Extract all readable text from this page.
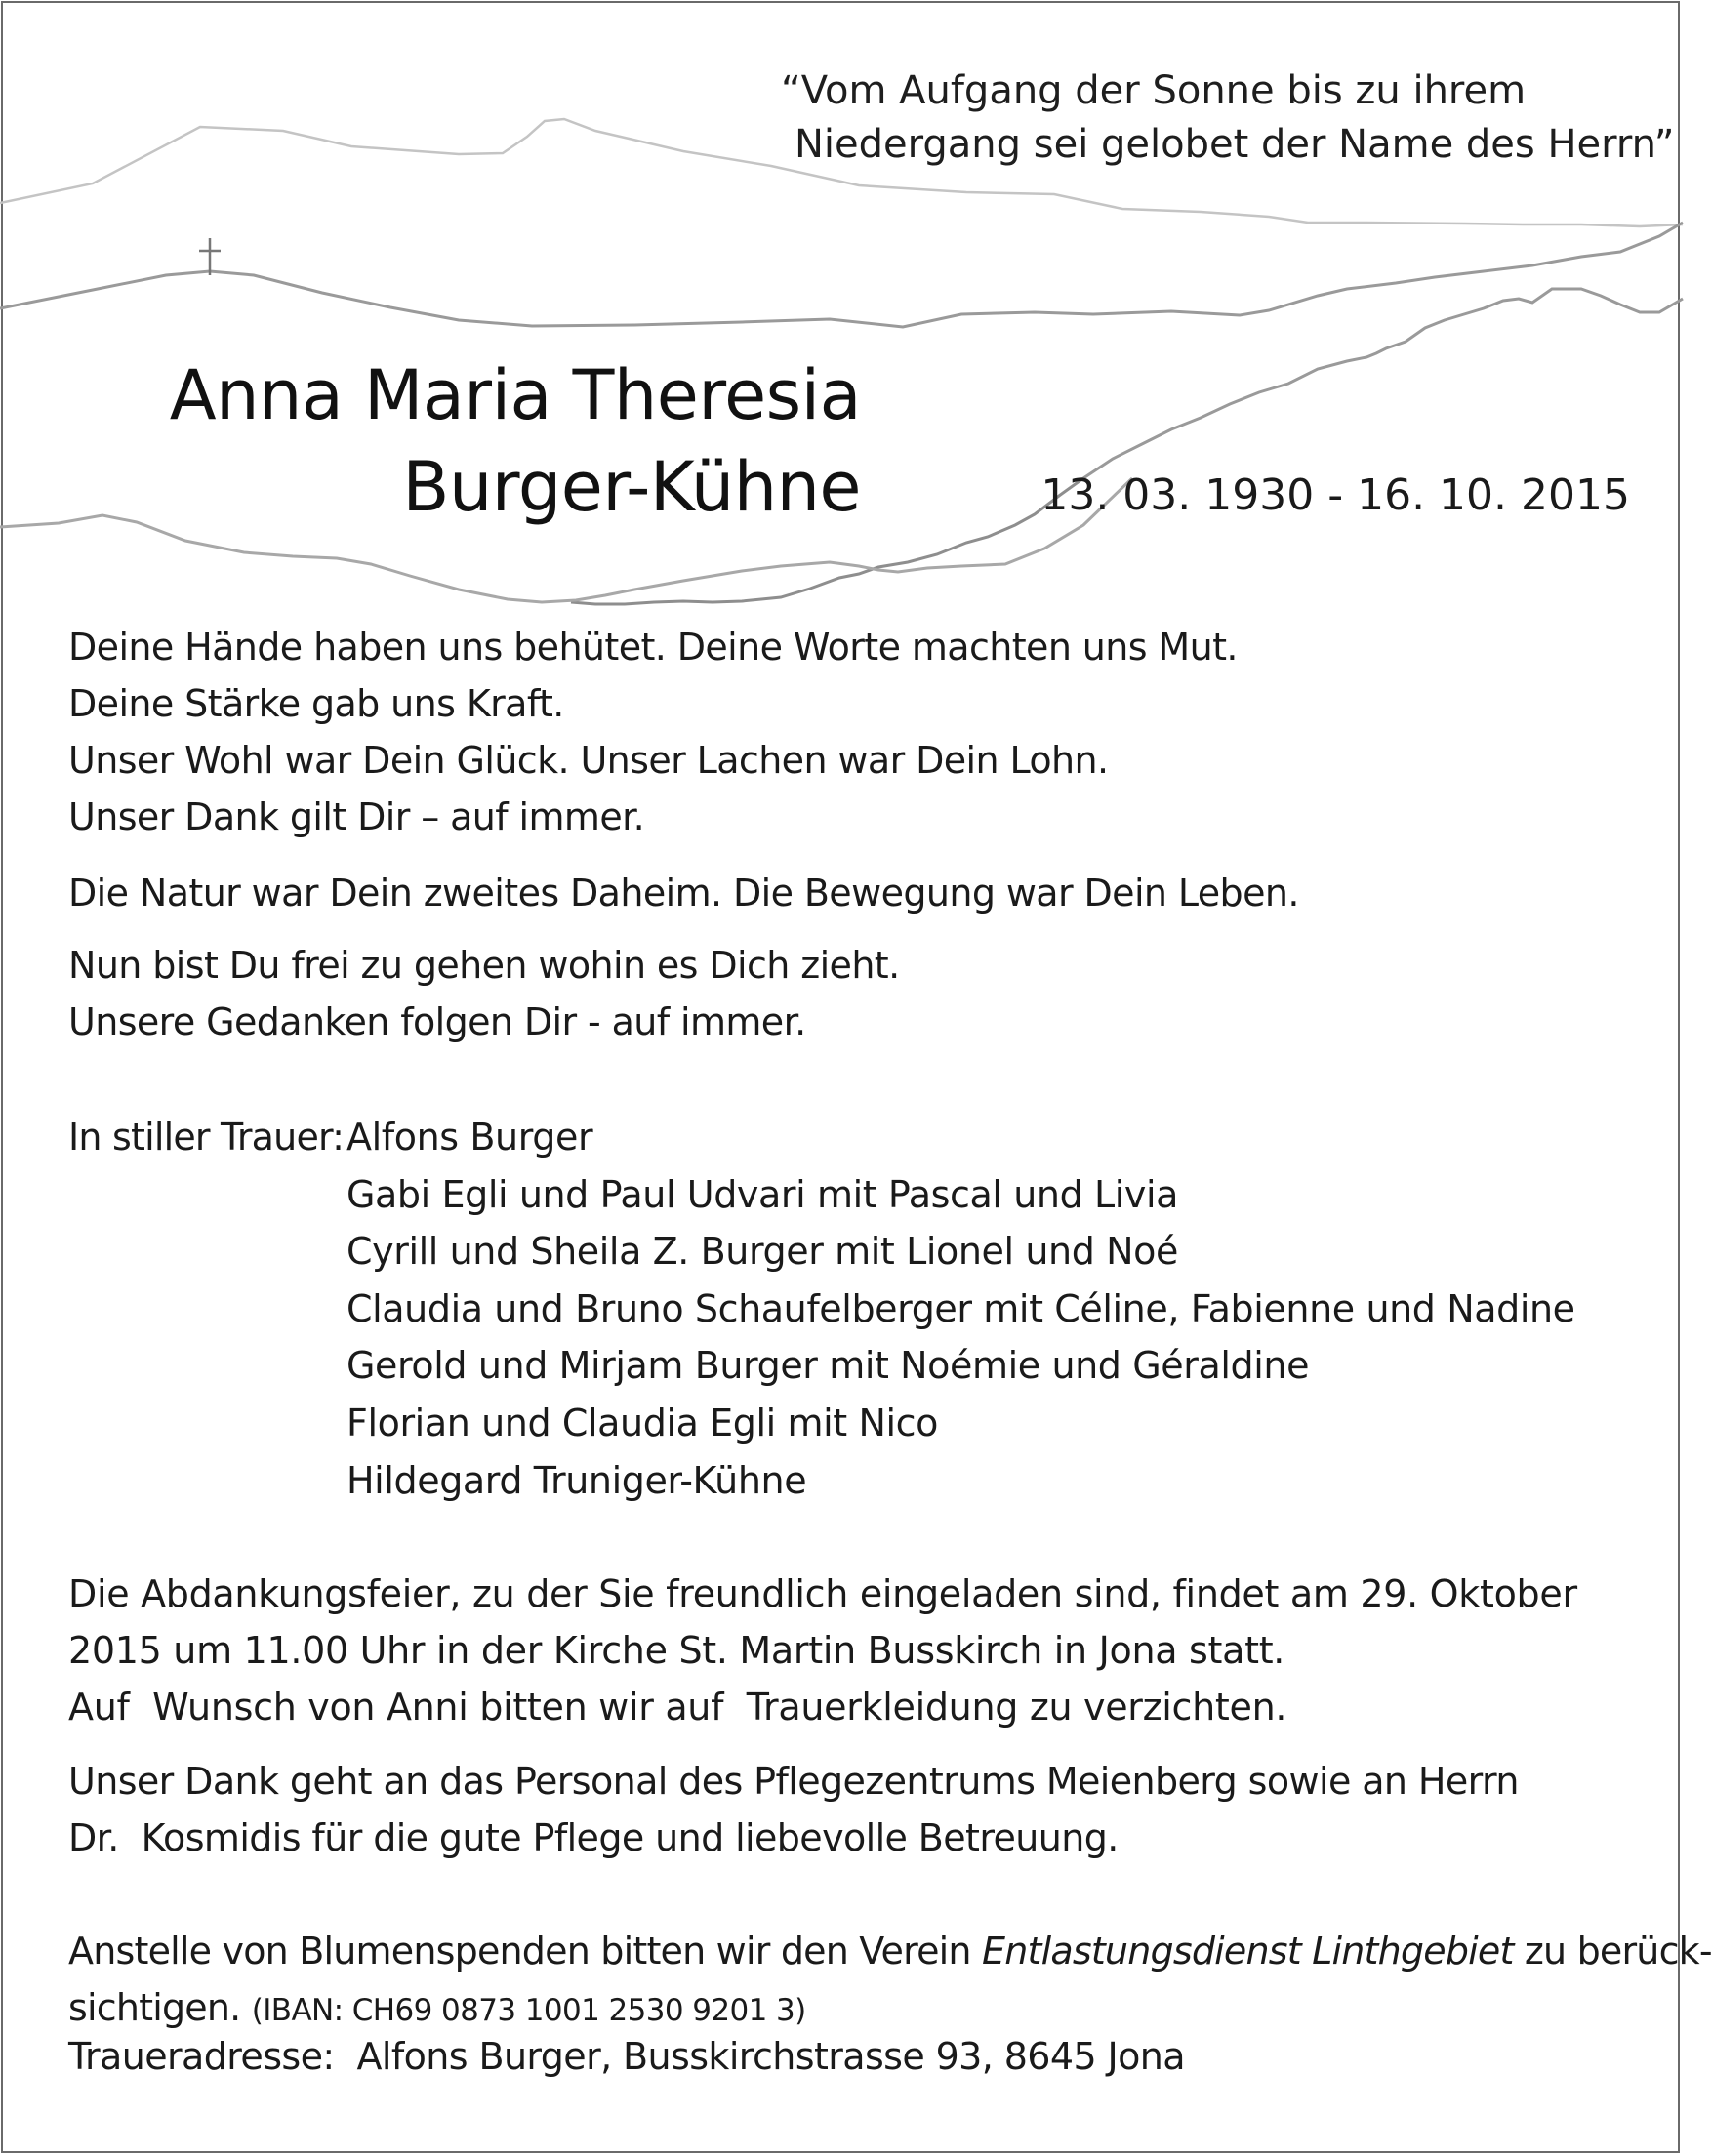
“Vom Aufgang der Sonne bis zu ihrem
Niedergang sei gelobet der Name des Herrn”
Anna Maria Theresia
Burger-Kühne	13. 03. 1930 - 16. 10. 2015
Deine Hände haben uns behütet. Deine Worte machten uns Mut.
Deine Stärke gab uns Kraft.
Unser Wohl war Dein Glück. Unser Lachen war Dein Lohn.
Unser Dank gilt Dir – auf immer.
Die Natur war Dein zweites Daheim. Die Bewegung war Dein Leben.
Nun bist Du frei zu gehen wohin es Dich zieht.
Unsere Gedanken folgen Dir - auf immer.
In stiller Trauer: Alfons Burger
Gabi Egli und Paul Udvari mit Pascal und Livia
Cyrill und Sheila Z. Burger mit Lionel und Noé
Claudia und Bruno Schaufelberger mit Céline, Fabienne und Nadine
Gerold und Mirjam Burger mit Noémie und Géraldine
Florian und Claudia Egli mit Nico
Hildegard Truniger-Kühne
Die Abdankungsfeier, zu der Sie freundlich eingeladen sind, findet am 29. Oktober
2015 um 11.00 Uhr in der Kirche St. Martin Busskirch in Jona statt.
Auf  Wunsch von Anni bitten wir auf  Trauerkleidung zu verzichten.
Unser Dank geht an das Personal des Pflegezentrums Meienberg sowie an Herrn
Dr.  Kosmidis für die gute Pflege und liebevolle Betreuung.
Anstelle von Blumenspenden bitten wir den Verein Entlastungsdienst Linthgebiet zu berück-
sichtigen. (IBAN: CH69 0873 1001 2530 9201 3)
Traueradresse:  Alfons Burger, Busskirchstrasse 93, 8645 Jona
